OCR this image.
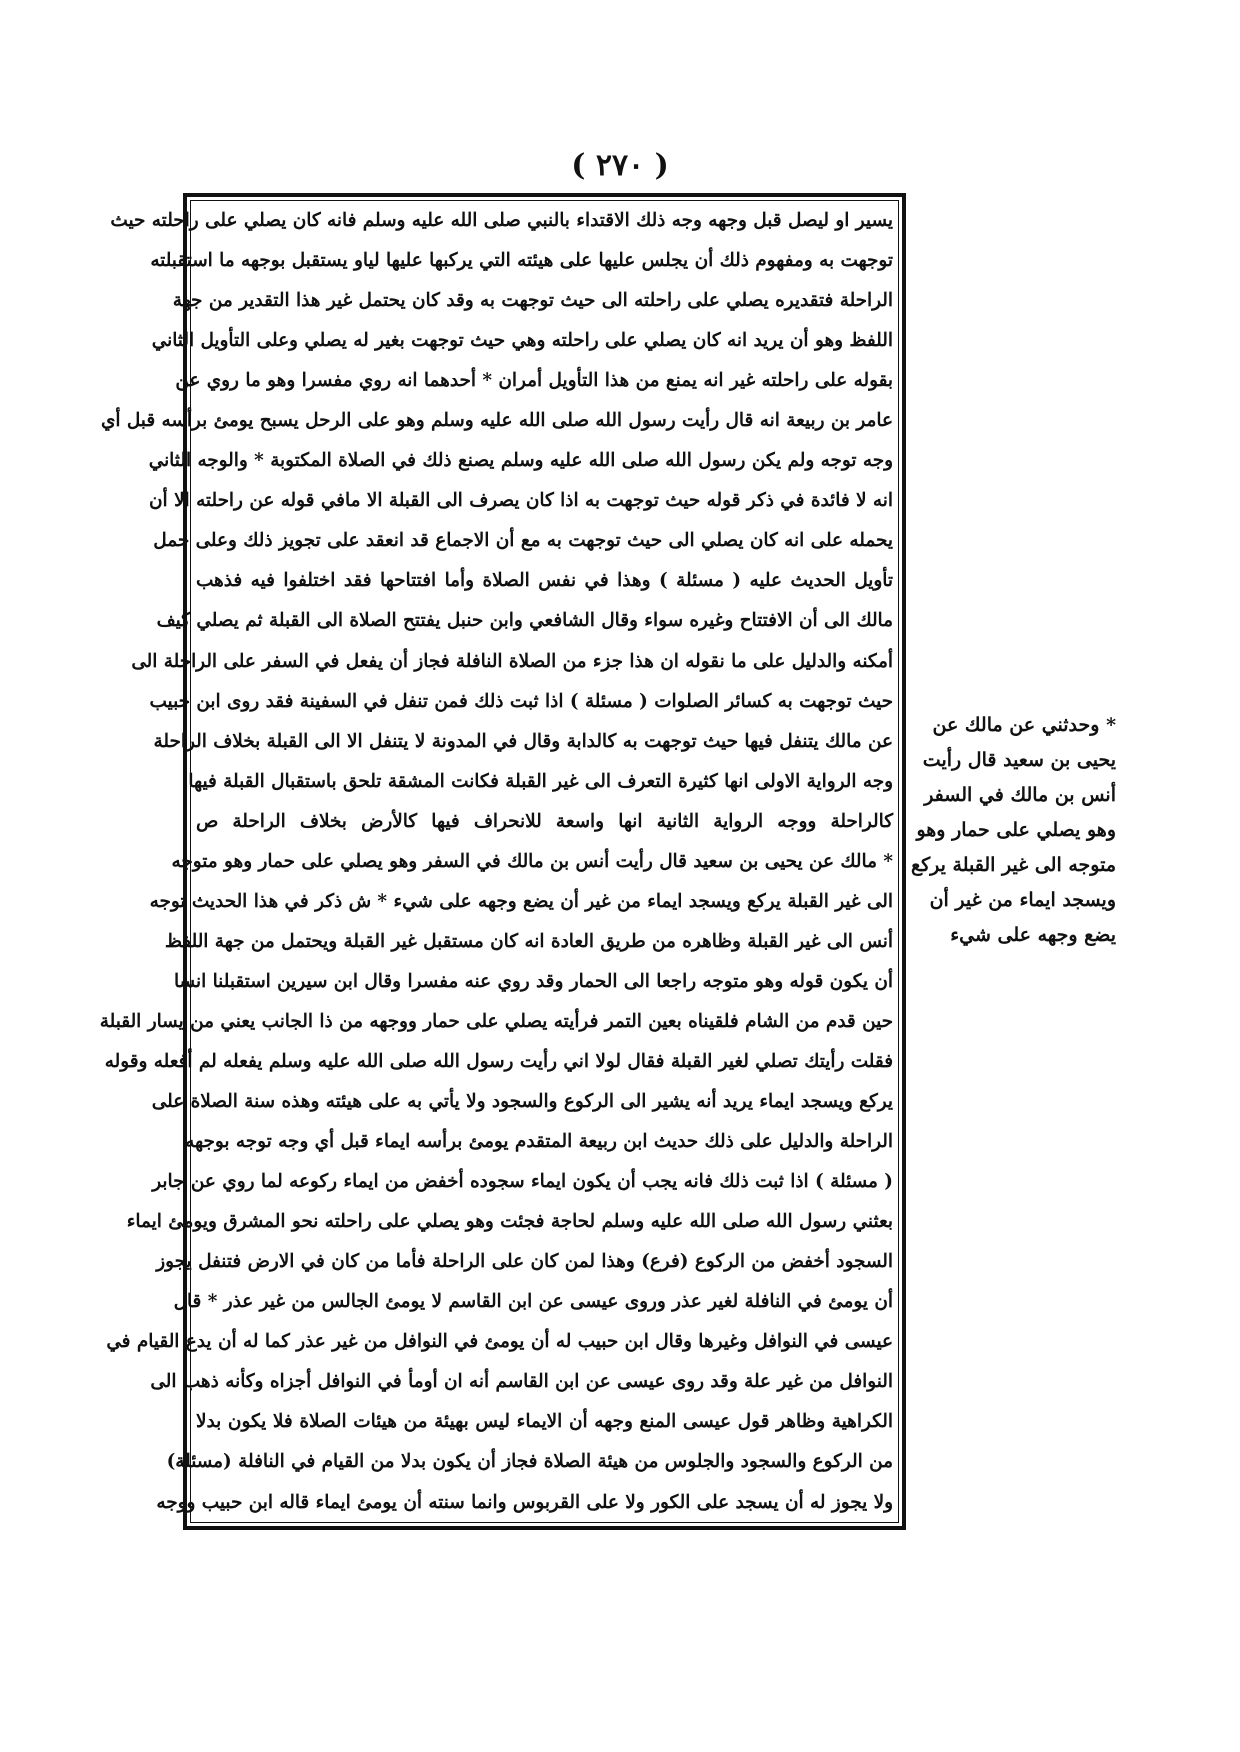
( ٢٧٠ )
يسير او ليصل قبل وجهه وجه ذلك الاقتداء بالنبي صلى الله عليه وسلم فانه كان يصلي على راحلته حيث
توجهت به ومفهوم ذلك أن يجلس عليها على هيئته التي يركبها عليها لياو يستقبل بوجهه ما استقبلته
الراحلة فتقديره يصلي على راحلته الى حيث توجهت به وقد كان يحتمل غير هذا التقدير من جهة
اللفظ وهو أن يريد انه كان يصلي على راحلته وهي حيث توجهت بغير له يصلي وعلى التأويل الثاني
بقوله على راحلته غير انه يمنع من هذا التأويل أمران * أحدهما انه روي مفسرا وهو ما روي عن
عامر بن ربيعة انه قال رأيت رسول الله صلى الله عليه وسلم وهو على الرحل يسبح يومئ برأسه قبل أي
وجه توجه ولم يكن رسول الله صلى الله عليه وسلم يصنع ذلك في الصلاة المكتوبة * والوجه الثاني
انه لا فائدة في ذكر قوله حيث توجهت به اذا كان يصرف الى القبلة الا مافي قوله عن راحلته الا أن
يحمله على انه كان يصلي الى حيث توجهت به مع أن الاجماع قد انعقد على تجويز ذلك وعلى حمل
تأويل الحديث عليه ( مسئلة ) وهذا في نفس الصلاة وأما افتتاحها فقد اختلفوا فيه فذهب
مالك الى أن الافتتاح وغيره سواء وقال الشافعي وابن حنبل يفتتح الصلاة الى القبلة ثم يصلي كيف
أمكنه والدليل على ما نقوله ان هذا جزء من الصلاة النافلة فجاز أن يفعل في السفر على الراحلة الى
حيث توجهت به كسائر الصلوات ( مسئلة ) اذا ثبت ذلك فمن تنفل في السفينة فقد روى ابن حبيب
عن مالك يتنفل فيها حيث توجهت به كالدابة وقال في المدونة لا يتنفل الا الى القبلة بخلاف الراحلة
وجه الرواية الاولى انها كثيرة التعرف الى غير القبلة فكانت المشقة تلحق باستقبال القبلة فيها
كالراحلة ووجه الرواية الثانية انها واسعة للانحراف فيها كالأرض بخلاف الراحلة ص
* مالك عن يحيى بن سعيد قال رأيت أنس بن مالك في السفر وهو يصلي على حمار وهو متوجه
الى غير القبلة يركع ويسجد ايماء من غير أن يضع وجهه على شيء * ش ذكر في هذا الحديث توجه
أنس الى غير القبلة وظاهره من طريق العادة انه كان مستقبل غير القبلة ويحتمل من جهة اللفظ
أن يكون قوله وهو متوجه راجعا الى الحمار وقد روي عنه مفسرا وقال ابن سيرين استقبلنا انسا
حين قدم من الشام فلقيناه بعين التمر فرأيته يصلي على حمار ووجهه من ذا الجانب يعني من يسار القبلة
فقلت رأيتك تصلي لغير القبلة فقال لولا اني رأيت رسول الله صلى الله عليه وسلم يفعله لم أفعله وقوله
يركع ويسجد ايماء يريد أنه يشير الى الركوع والسجود ولا يأتي به على هيئته وهذه سنة الصلاة على
الراحلة والدليل على ذلك حديث ابن ربيعة المتقدم يومئ برأسه ايماء قبل أي وجه توجه بوجهه
( مسئلة ) اذا ثبت ذلك فانه يجب أن يكون ايماء سجوده أخفض من ايماء ركوعه لما روي عن جابر
بعثني رسول الله صلى الله عليه وسلم لحاجة فجئت وهو يصلي على راحلته نحو المشرق ويومئ ايماء
السجود أخفض من الركوع (فرع) وهذا لمن كان على الراحلة فأما من كان في الارض فتنفل يجوز
أن يومئ في النافلة لغير عذر وروى عيسى عن ابن القاسم لا يومئ الجالس من غير عذر * قال
عيسى في النوافل وغيرها وقال ابن حبيب له أن يومئ في النوافل من غير عذر كما له أن يدع القيام في
النوافل من غير علة وقد روى عيسى عن ابن القاسم أنه ان أومأ في النوافل أجزاه وكأنه ذهب الى
الكراهية وظاهر قول عيسى المنع وجهه أن الايماء ليس بهيئة من هيئات الصلاة فلا يكون بدلا
من الركوع والسجود والجلوس من هيئة الصلاة فجاز أن يكون بدلا من القيام في النافلة (مسئلة)
ولا يجوز له أن يسجد على الكور ولا على القربوس وانما سنته أن يومئ ايماء قاله ابن حبيب ووجه
* وحدثني عن مالك عن
يحيى بن سعيد قال رأيت
أنس بن مالك في السفر
وهو يصلي على حمار وهو
متوجه الى غير القبلة يركع
ويسجد ايماء من غير أن
يضع وجهه على شيء
